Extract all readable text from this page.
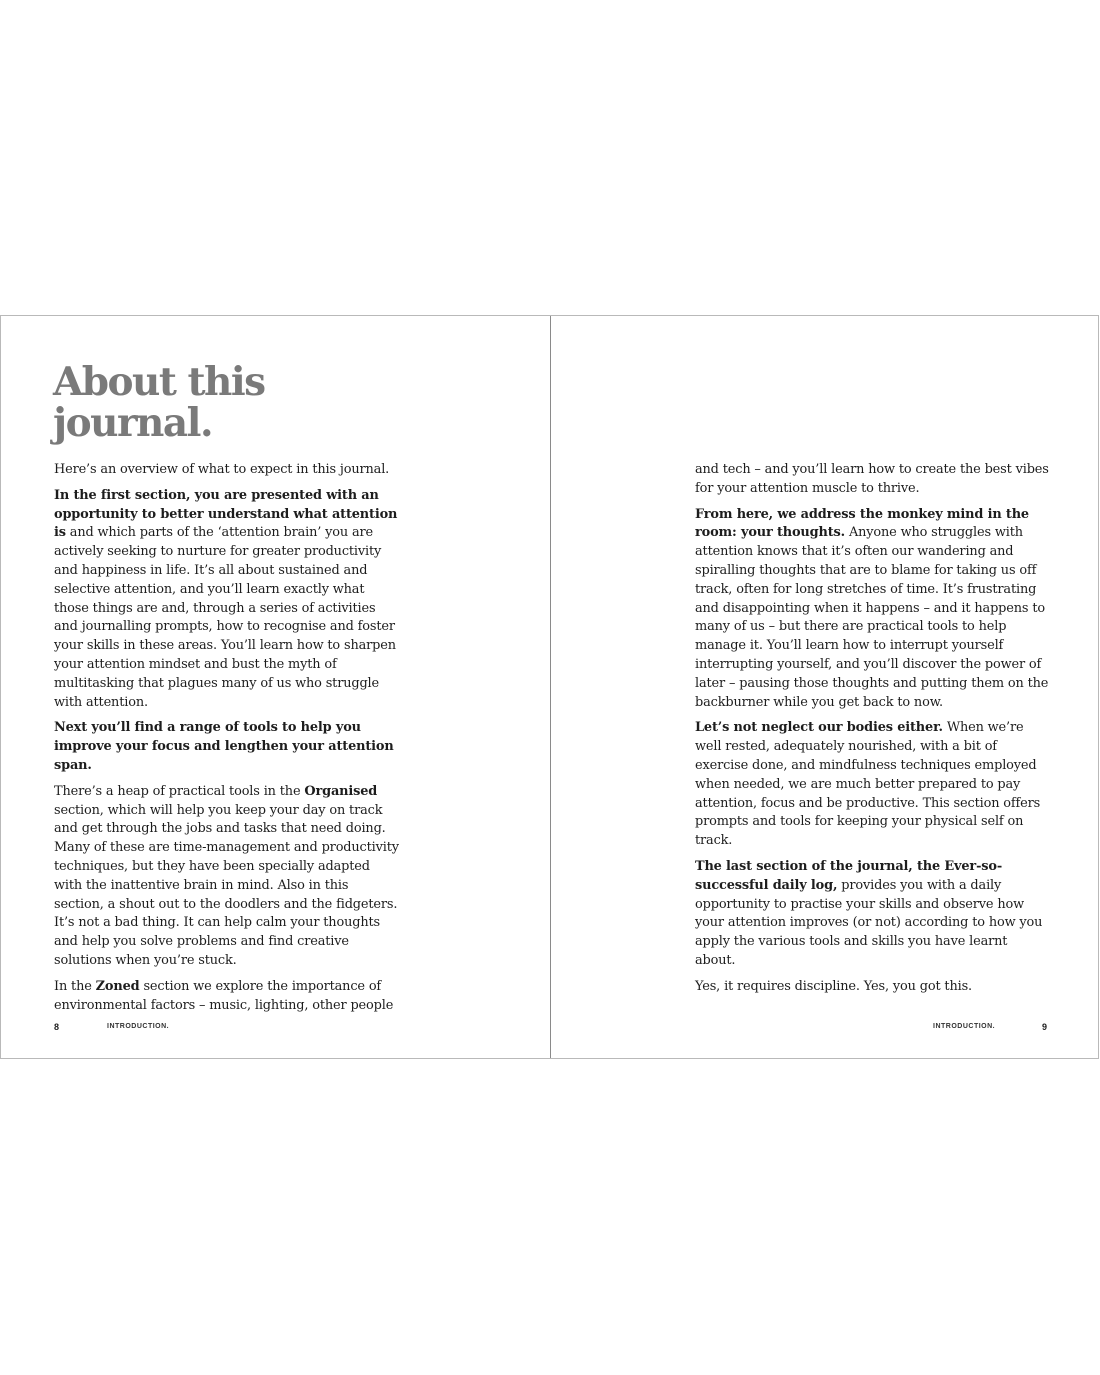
About this
journal.

Here’s an overview of what to expect in this journal.

In the first section, you are presented with an opportunity to better understand what attention is and which parts of the ‘attention brain’ you are actively seeking to nurture for greater productivity and happiness in life. It’s all about sustained and selective attention, and you’ll learn exactly what those things are and, through a series of activities and journalling prompts, how to recognise and foster your skills in these areas. You’ll learn how to sharpen your attention mindset and bust the myth of multitasking that plagues many of us who struggle with attention.

Next you’ll find a range of tools to help you improve your focus and lengthen your attention span.

There’s a heap of practical tools in the Organised section, which will help you keep your day on track and get through the jobs and tasks that need doing. Many of these are time-management and productivity techniques, but they have been specially adapted with the inattentive brain in mind. Also in this section, a shout out to the doodlers and the fidgeters. It’s not a bad thing. It can help calm your thoughts and help you solve problems and find creative solutions when you’re stuck.

In the Zoned section we explore the importance of environmental factors – music, lighting, other people

8	INTRODUCTION.

and tech – and you’ll learn how to create the best vibes for your attention muscle to thrive.

From here, we address the monkey mind in the room: your thoughts. Anyone who struggles with attention knows that it’s often our wandering and spiralling thoughts that are to blame for taking us off track, often for long stretches of time. It’s frustrating and disappointing when it happens – and it happens to many of us – but there are practical tools to help manage it. You’ll learn how to interrupt yourself interrupting yourself, and you’ll discover the power of later – pausing those thoughts and putting them on the backburner while you get back to now.

Let’s not neglect our bodies either. When we’re well rested, adequately nourished, with a bit of exercise done, and mindfulness techniques employed when needed, we are much better prepared to pay attention, focus and be productive. This section offers prompts and tools for keeping your physical self on track.

The last section of the journal, the Ever-so-successful daily log, provides you with a daily opportunity to practise your skills and observe how your attention improves (or not) according to how you apply the various tools and skills you have learnt about.

Yes, it requires discipline. Yes, you got this.

INTRODUCTION.	9
